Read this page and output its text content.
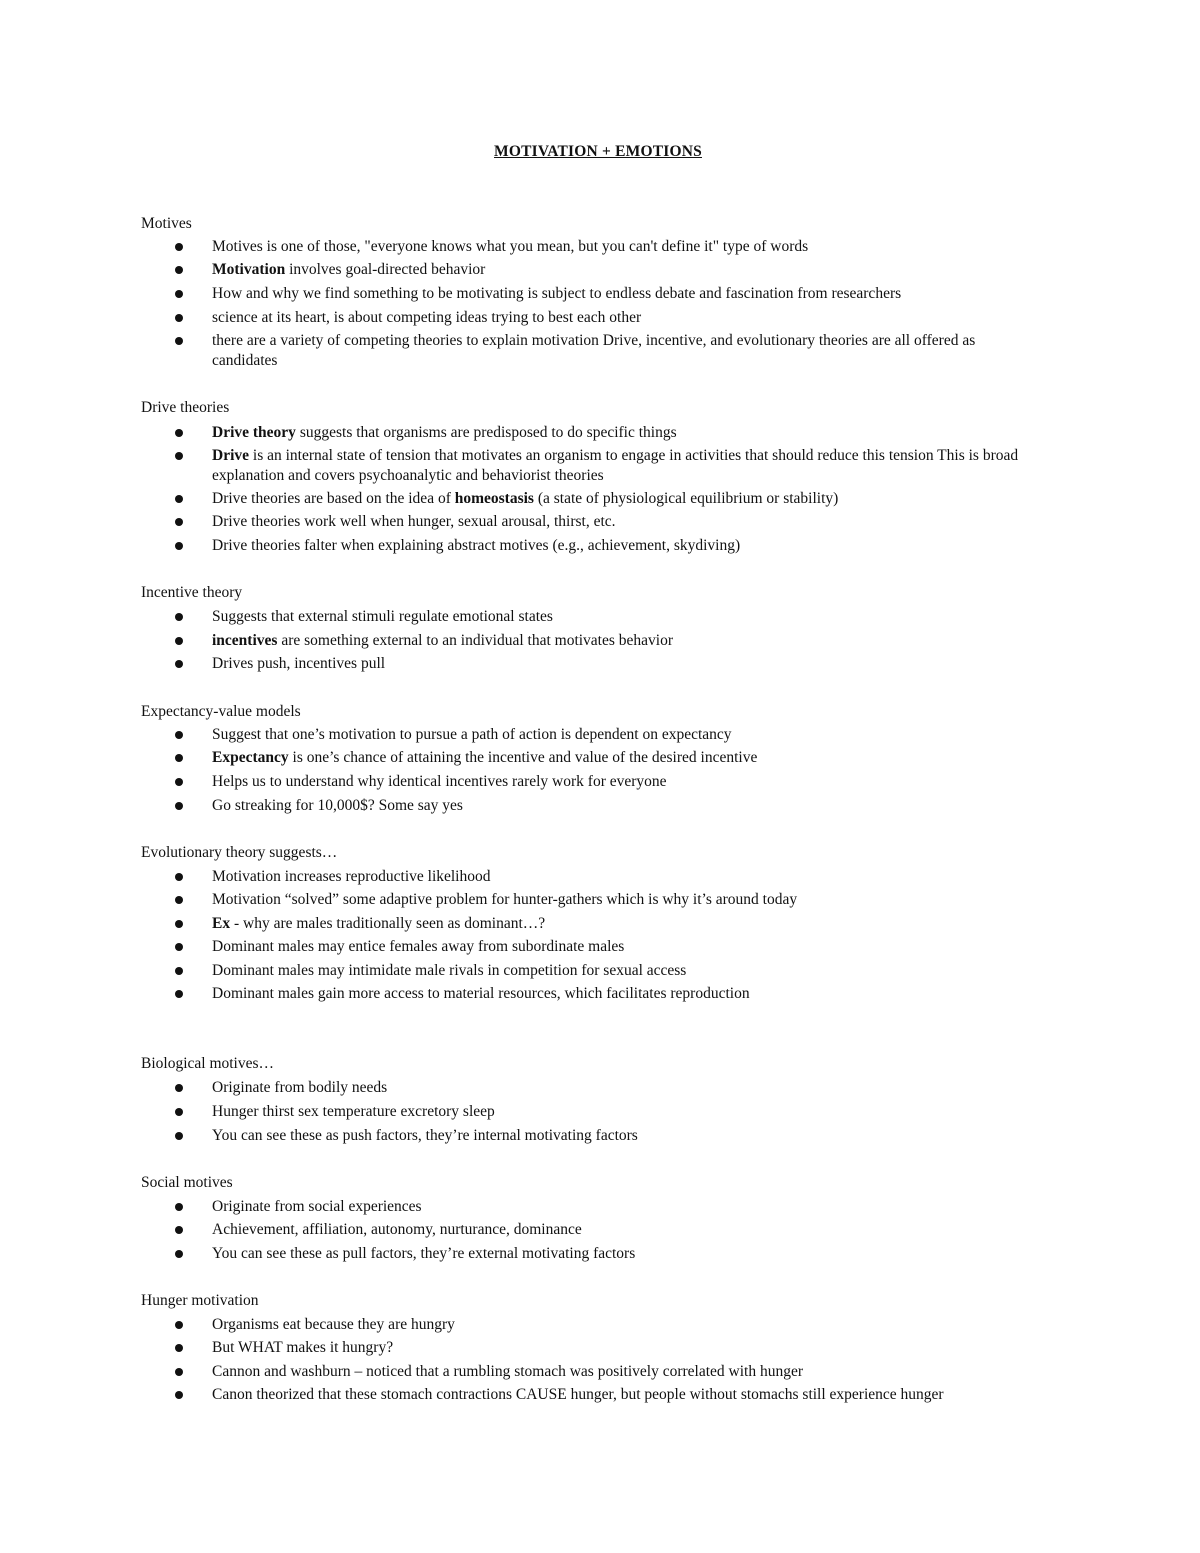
MOTIVATION + EMOTIONS
Motives
Motives is one of those, "everyone knows what you mean, but you can't define it" type of words
Motivation involves goal-directed behavior
How and why we find something to be motivating is subject to endless debate and fascination from researchers
science at its heart, is about competing ideas trying to best each other
there are a variety of competing theories to explain motivation Drive, incentive, and evolutionary theories are all offered as candidates
Drive theories
Drive theory suggests that organisms are predisposed to do specific things
Drive is an internal state of tension that motivates an organism to engage in activities that should reduce this tension This is broad explanation and covers psychoanalytic and behaviorist theories
Drive theories are based on the idea of homeostasis (a state of physiological equilibrium or stability)
Drive theories work well when hunger, sexual arousal, thirst, etc.
Drive theories falter when explaining abstract motives (e.g., achievement, skydiving)
Incentive theory
Suggests that external stimuli regulate emotional states
incentives are something external to an individual that motivates behavior
Drives push, incentives pull
Expectancy-value models
Suggest that one’s motivation to pursue a path of action is dependent on expectancy
Expectancy is one’s chance of attaining the incentive and value of the desired incentive
Helps us to understand why identical incentives rarely work for everyone
Go streaking for 10,000$? Some say yes
Evolutionary theory suggests…
Motivation increases reproductive likelihood
Motivation “solved” some adaptive problem for hunter-gathers which is why it’s around today
Ex - why are males traditionally seen as dominant…?
Dominant males may entice females away from subordinate males
Dominant males may intimidate male rivals in competition for sexual access
Dominant males gain more access to material resources, which facilitates reproduction
Biological motives…
Originate from bodily needs
Hunger thirst sex temperature excretory sleep
You can see these as push factors, they’re internal motivating factors
Social motives
Originate from social experiences
Achievement, affiliation, autonomy, nurturance, dominance
You can see these as pull factors, they’re external motivating factors
Hunger motivation
Organisms eat because they are hungry
But WHAT makes it hungry?
Cannon and washburn – noticed that a rumbling stomach was positively correlated with hunger
Canon theorized that these stomach contractions CAUSE hunger, but people without stomachs still experience hunger
